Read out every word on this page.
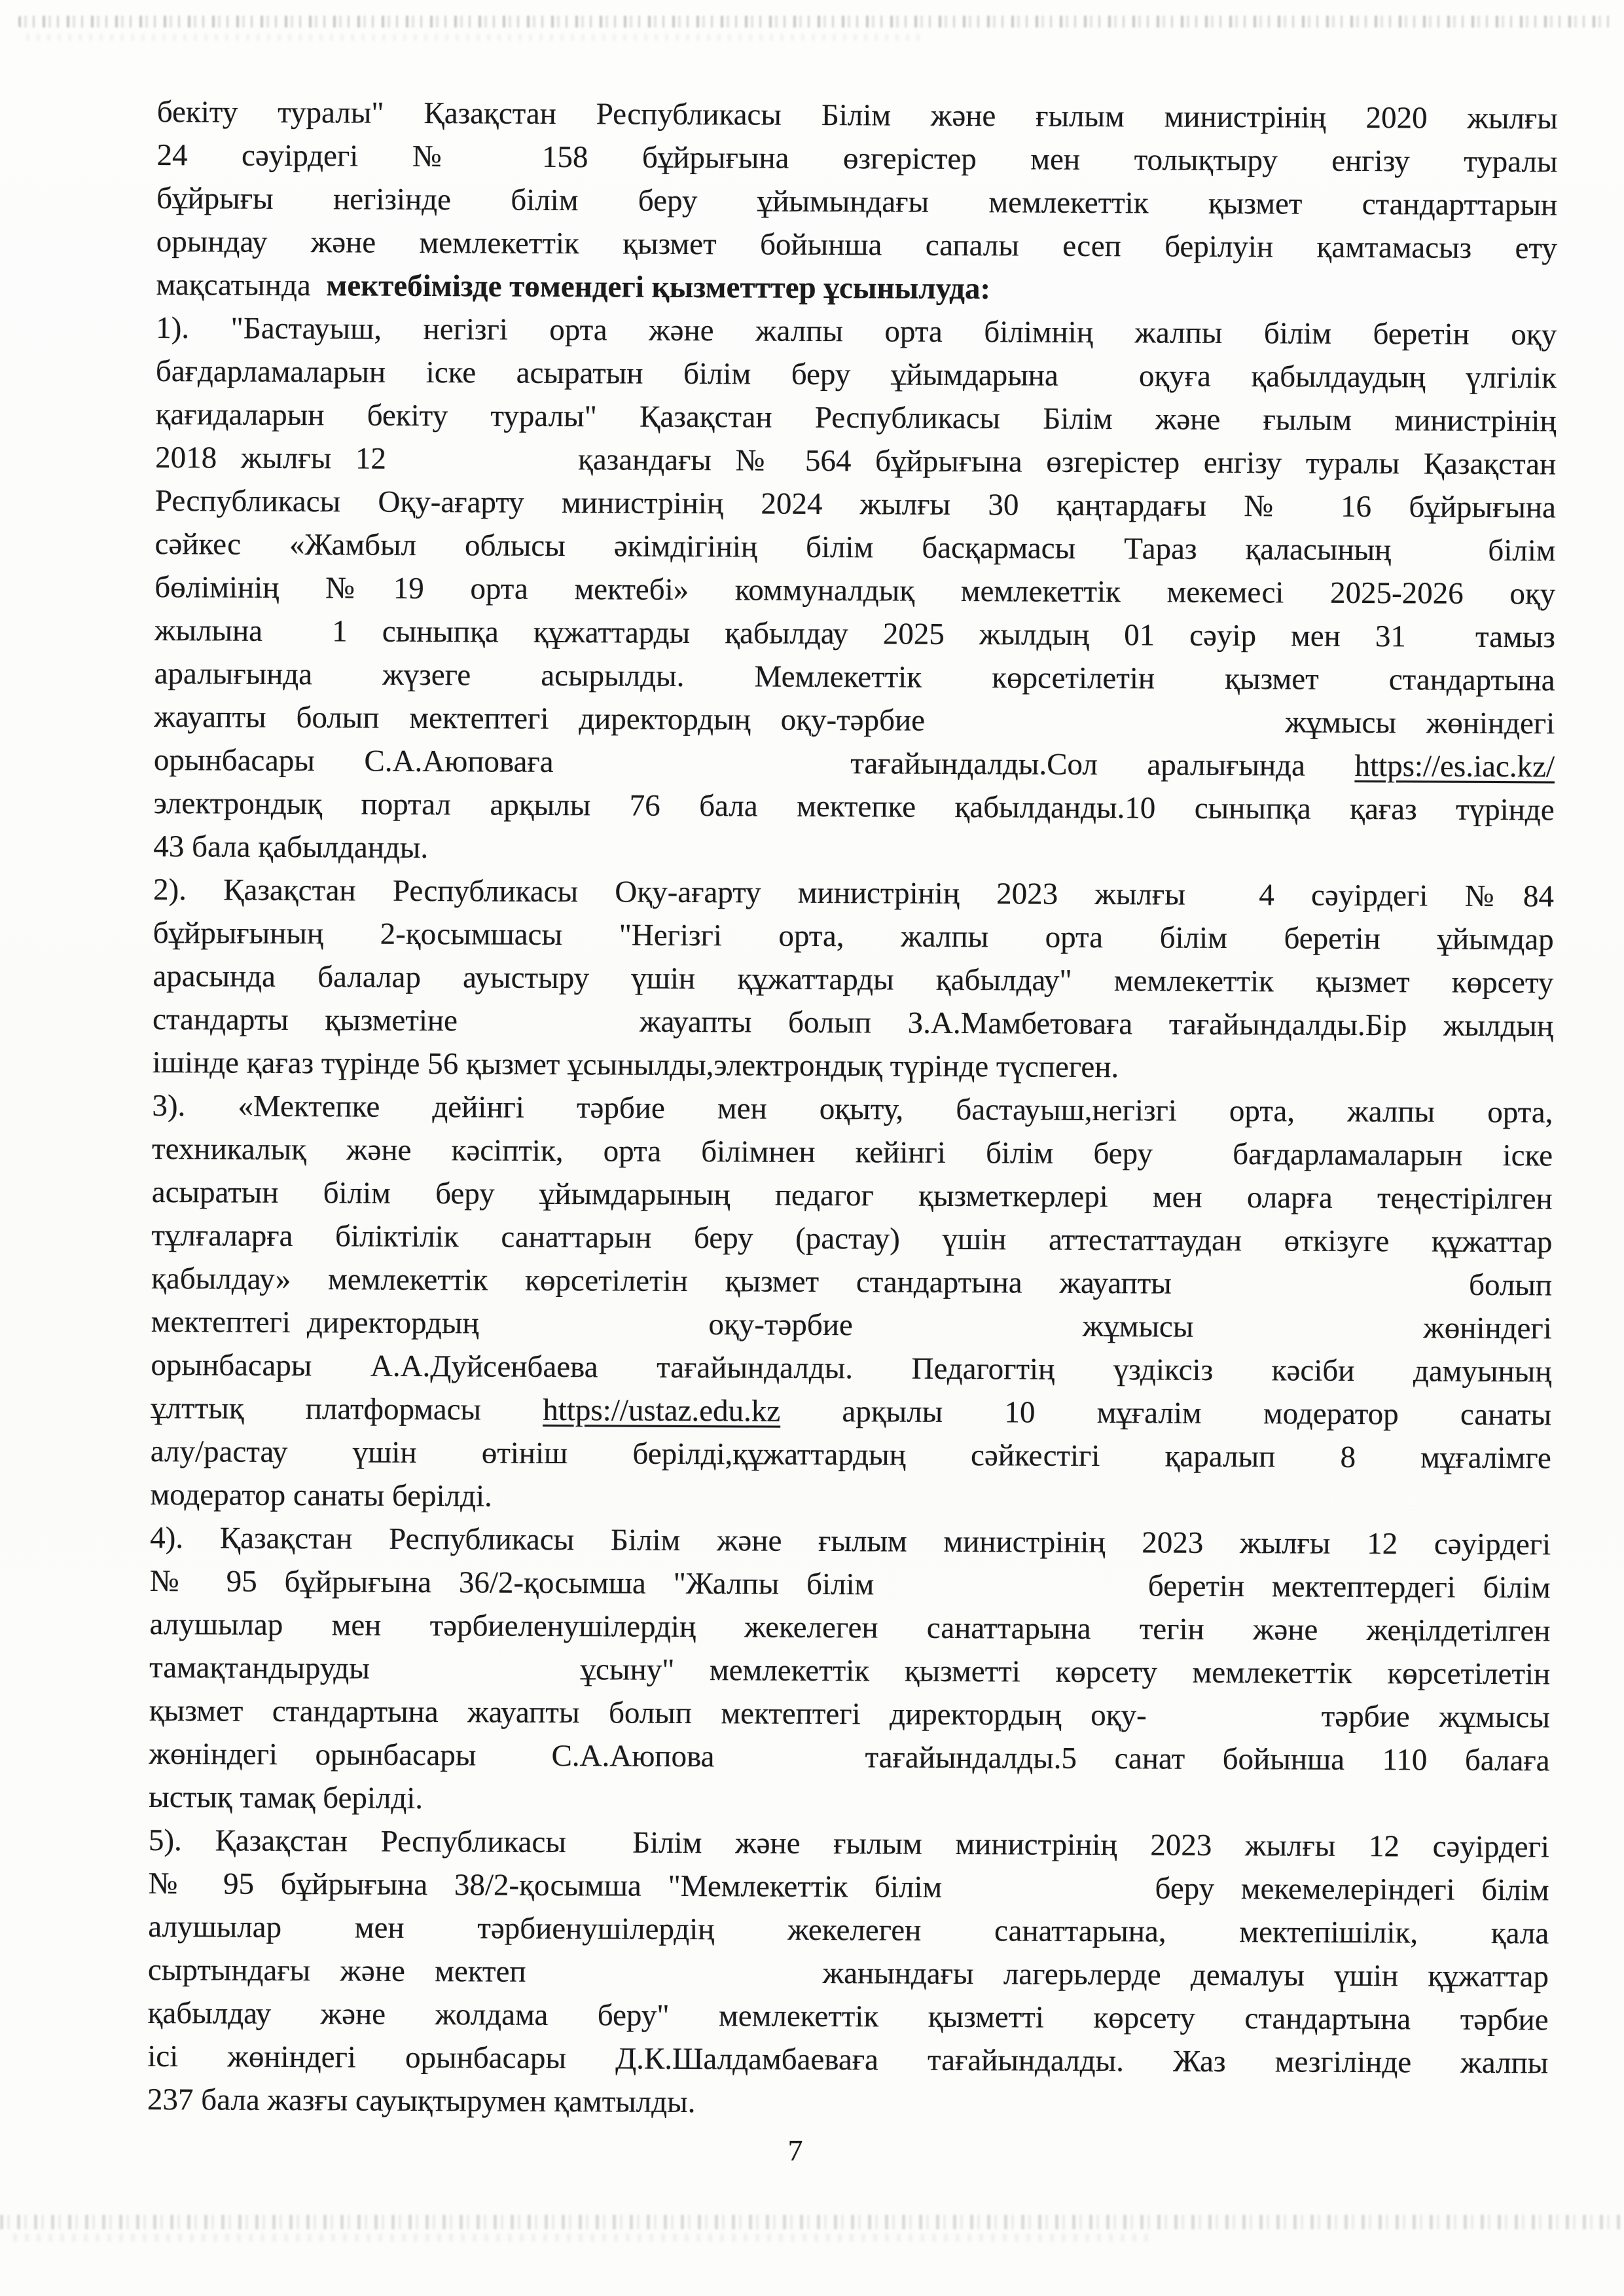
бекіту туралы" Қазақстан Республикасы Білім және ғылым министрінің 2020 жылғы
24 сәуірдегі № 158 бұйрығына өзгерістер мен толықтыру енгізу туралы
бұйрығы негізінде білім беру ұйымындағы мемлекеттік қызмет стандарттарын
орындау және мемлекеттік қызмет бойынша сапалы есеп берілуін қамтамасыз ету
мақсатында  мектебімізде төмендегі қызметттер ұсынылуда:
1). "Бастауыш, негізгі орта және жалпы орта білімнің жалпы білім беретін оқу
бағдарламаларын іске асыратын білім беру ұйымдарына  оқуға қабылдаудың үлгілік
қағидаларын бекіту туралы" Қазақстан Республикасы Білім және ғылым министрінің
2018 жылғы 12        қазандағы № 564 бұйрығына өзгерістер енгізу туралы Қазақстан
Республикасы Оқу-ағарту министрінің 2024 жылғы 30 қаңтардағы № 16 бұйрығына
сәйкес «Жамбыл облысы әкімдігінің білім басқармасы Тараз қаласының  білім
бөлімінің №19 орта мектебі» коммуналдық мемлекеттік мекемесі 2025-2026 оқу
жылына  1 сыныпқа құжаттарды қабылдау 2025 жылдың 01 сәуір мен 31  тамыз
аралығында  жүзеге  асырылды.  Мемлекеттік  көрсетілетін  қызмет  стандартына
жауапты болып мектептегі директордың оқу-тәрбие            жұмысы жөніндегі
орынбасары С.А.Аюповаға      тағайындалды.Сол аралығында https://es.iac.kz/
электрондық портал арқылы 76 бала мектепке қабылданды.10 сыныпқа қағаз түрінде
43 бала қабылданды.
2). Қазақстан Республикасы Оқу-ағарту министрінің 2023 жылғы  4 сәуірдегі №84
бұйрығының 2-қосымшасы "Негізгі орта, жалпы орта білім беретін ұйымдар
арасында балалар ауыстыру үшін құжаттарды қабылдау" мемлекеттік қызмет көрсету
стандарты қызметіне     жауапты болып З.А.Мамбетоваға тағайындалды.Бір жылдың
ішінде қағаз түрінде 56 қызмет ұсынылды,электрондық түрінде түспеген.
3). «Мектепке дейінгі тәрбие мен оқыту, бастауыш,негізгі орта, жалпы орта,
техникалық және кәсіптік, орта білімнен кейінгі білім беру  бағдарламаларын іске
асыратын білім беру ұйымдарының педагог қызметкерлері мен оларға теңестірілген
тұлғаларға біліктілік санаттарын беру (растау) үшін аттестаттаудан өткізуге құжаттар
қабылдау» мемлекеттік көрсетілетін қызмет стандартына жауапты        болып
мектептегі директордың              оқу-тәрбие              жұмысы              жөніндегі
орынбасары А.А.Дуйсенбаева тағайындалды. Педагогтің үздіксіз кәсіби дамуының
ұлттық платформасы https://ustaz.edu.kz арқылы 10 мұғалім модератор санаты
алу/растау үшін өтініш берілді,құжаттардың сәйкестігі қаралып 8 мұғалімге
модератор санаты берілді.
4). Қазақстан Республикасы Білім және ғылым министрінің 2023 жылғы 12 сәуірдегі
№ 95 бұйрығына 36/2-қосымша "Жалпы білім          беретін мектептердегі білім
алушылар мен тәрбиеленушілердің жекелеген санаттарына тегін және жеңілдетілген
тамақтандыруды      ұсыну" мемлекеттік қызметті көрсету мемлекеттік көрсетілетін
қызмет стандартына жауапты болып мектептегі директордың оқу-      тәрбие жұмысы
жөніндегі орынбасары  С.А.Аюпова    тағайындалды.5 санат бойынша 110 балаға
ыстық тамақ берілді.
5). Қазақстан Республикасы  Білім және ғылым министрінің 2023 жылғы 12 сәуірдегі
№ 95 бұйрығына 38/2-қосымша "Мемлекеттік білім        беру мекемелеріндегі білім
алушылар мен тәрбиенушілердің жекелеген санаттарына, мектепішілік, қала
сыртындағы және мектеп          жанындағы лагерьлерде демалуы үшін құжаттар
қабылдау және жолдама беру" мемлекеттік қызметті көрсету стандартына тәрбие
ісі жөніндегі орынбасары Д.К.Шалдамбаеваға тағайындалды. Жаз мезгілінде жалпы
237 бала жазғы сауықтырумен қамтылды.
7
